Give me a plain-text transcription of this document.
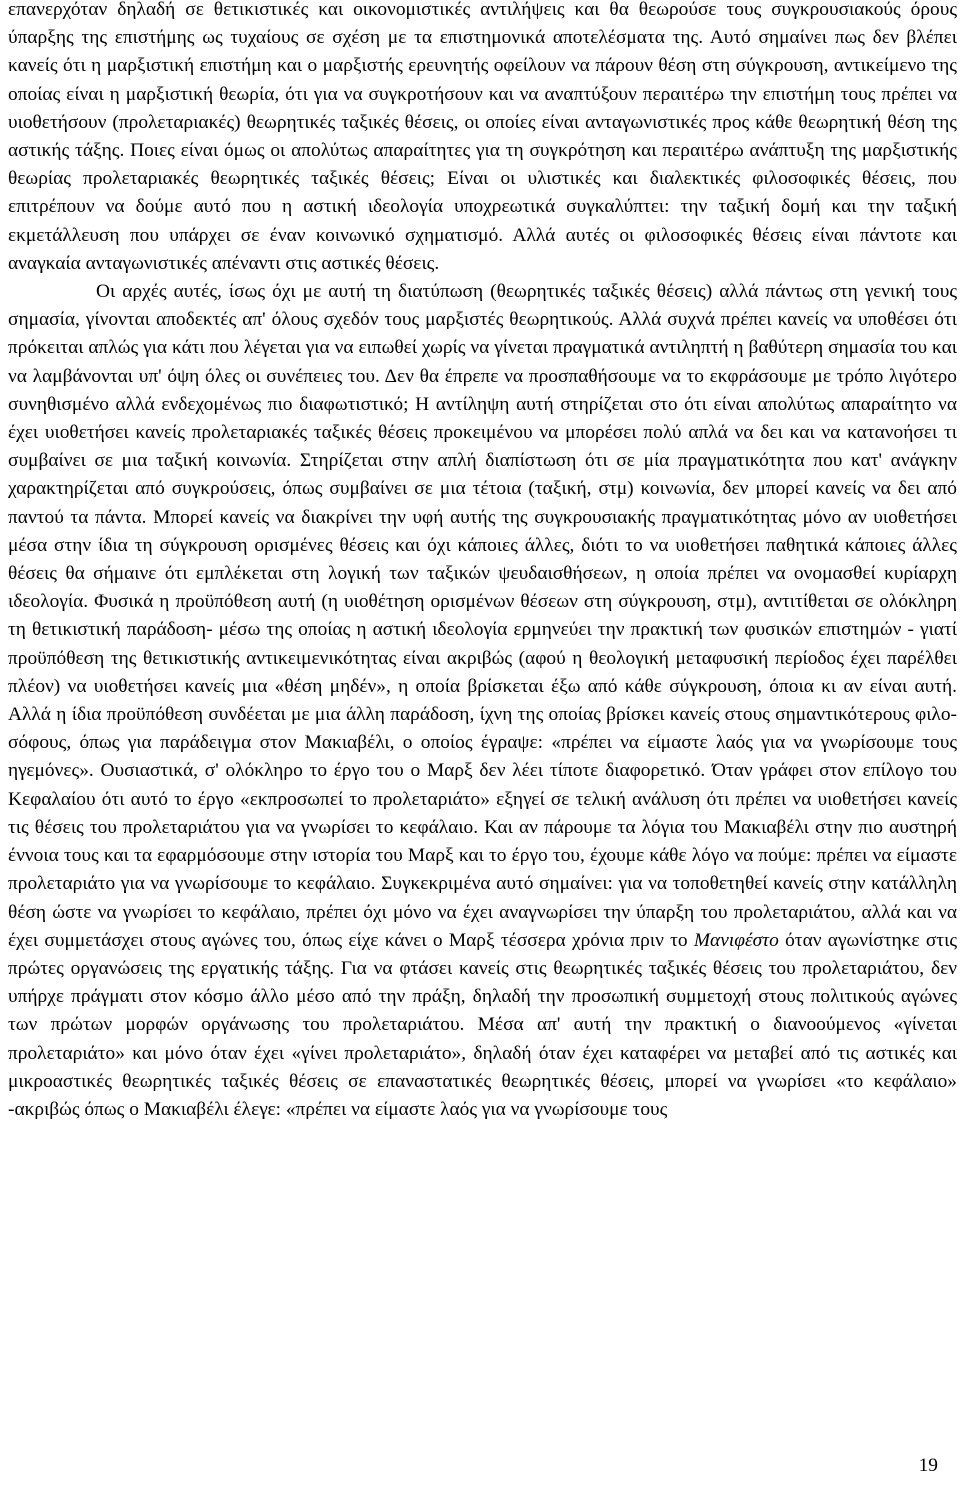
επανερχόταν δηλαδή σε θετικιστικές και οικονομιστικές αντιλήψεις και θα θεωρούσε τους συγκρουσιακούς όρους ύπαρξης της επιστήμης ως τυχαίους σε σχέση με τα επιστημονικά αποτελέσματα της. Αυτό σημαίνει πως δεν βλέπει κανείς ότι η μαρξιστική επιστήμη και ο μαρξιστής ερευνητής οφείλουν να πάρουν θέση στη σύγκρουση, αντικείμενο της οποίας είναι η μαρξιστική θεωρία, ότι για να συγκροτήσουν και να αναπτύξουν περαιτέρω την επιστήμη τους πρέπει να υιοθετήσουν (προλεταριακές) θεωρητικές ταξικές θέσεις, οι οποίες είναι ανταγωνιστικές προς κάθε θεωρητική θέση της αστικής τάξης. Ποιες είναι όμως οι απολύτως απαραίτητες για τη συγκρότηση και περαιτέρω ανάπτυξη της μαρξιστικής θεωρίας προλεταριακές θεωρητικές ταξικές θέσεις; Είναι οι υλιστικές και διαλεκτικές φιλοσοφικές θέσεις, που επιτρέπουν να δούμε αυτό που η αστική ιδεολογία υποχρεωτικά συγκαλύπτει: την ταξική δομή και την ταξική εκμετάλλευση που υπάρχει σε έναν κοινωνικό σχηματισμό. Αλλά αυτές οι φιλοσοφικές θέσεις είναι πάντοτε και αναγκαία ανταγωνιστικές απέναντι στις αστικές θέσεις.

Οι αρχές αυτές, ίσως όχι με αυτή τη διατύπωση (θεωρητικές ταξικές θέσεις) αλλά πάντως στη γενική τους σημασία, γίνονται αποδεκτές απ' όλους σχεδόν τους μαρξιστές θεωρητικούς. Αλλά συχνά πρέπει κανείς να υποθέσει ότι πρόκειται απλώς για κάτι που λέγεται για να ειπωθεί χωρίς να γίνεται πραγματικά αντιληπτή η βαθύτερη σημασία του και να λαμβάνονται υπ' όψη όλες οι συνέπειες του. Δεν θα έπρεπε να προσπαθήσουμε να το εκφράσουμε με τρόπο λιγότερο συνηθισμένο αλλά ενδεχομένως πιο διαφωτιστικό; Η αντίληψη αυτή στηρίζεται στο ότι είναι απολύτως απαραίτητο να έχει υιοθετήσει κανείς προλεταριακές ταξικές θέσεις προκειμένου να μπορέσει πολύ απλά να δει και να κατανοήσει τι συμβαίνει σε μια ταξική κοινωνία. Στηρίζεται στην απλή διαπίστωση ότι σε μία πραγματικότητα που κατ' ανάγκην χαρακτηρίζεται από συγκρούσεις, όπως συμβαίνει σε μια τέτοια (ταξική, στμ) κοινωνία, δεν μπορεί κανείς να δει από παντού τα πάντα. Μπορεί κανείς να διακρίνει την υφή αυτής της συγκρουσιακής πραγματικότητας μόνο αν υιοθετήσει μέσα στην ίδια τη σύγκρουση ορισμένες θέσεις και όχι κάποιες άλλες, διότι το να υιοθετήσει παθητικά κάποιες άλλες θέσεις θα σήμαινε ότι εμπλέκεται στη λογική των ταξικών ψευδαισθήσεων, η οποία πρέπει να ονομασθεί κυρίαρχη ιδεολογία. Φυσικά η προϋπόθεση αυτή (η υιοθέτηση ορισμένων θέσεων στη σύγκρουση, στμ), αντιτίθεται σε ολόκληρη τη θετικιστική παράδοση- μέσω της οποίας η αστική ιδεολογία ερμηνεύει την πρακτική των φυσικών επιστημών - γιατί προϋπόθεση της θετικιστικής αντικειμενικότητας είναι ακριβώς (αφού η θεολογική μεταφυσική περίοδος έχει παρέλθει πλέον) να υιοθετήσει κανείς μια «θέση μηδέν», η οποία βρίσκεται έξω από κάθε σύγκρουση, όποια κι αν είναι αυτή. Αλλά η ίδια προϋπόθεση συνδέεται με μια άλλη παράδοση, ίχνη της οποίας βρίσκει κανείς στους σημαντικότερους φιλοσόφους, όπως για παράδειγμα στον Μακιαβέλι, ο οποίος έγραψε: «πρέπει να είμαστε λαός για να γνωρίσουμε τους ηγεμόνες». Ουσιαστικά, σ' ολόκληρο το έργο του ο Μαρξ δεν λέει τίποτε διαφορετικό. Όταν γράφει στον επίλογο του Κεφαλαίου ότι αυτό το έργο «εκπροσωπεί το προλεταριάτο» εξηγεί σε τελική ανάλυση ότι πρέπει να υιοθετήσει κανείς τις θέσεις του προλεταριάτου για να γνωρίσει το κεφάλαιο. Και αν πάρουμε τα λόγια του Μακιαβέλι στην πιο αυστηρή έννοια τους και τα εφαρμόσουμε στην ιστορία του Μαρξ και το έργο του, έχουμε κάθε λόγο να πούμε: πρέπει να είμαστε προλεταριάτο για να γνωρίσουμε το κεφάλαιο. Συγκεκριμένα αυτό σημαίνει: για να τοποθετηθεί κανείς στην κατάλληλη θέση ώστε να γνωρίσει το κεφάλαιο, πρέπει όχι μόνο να έχει αναγνωρίσει την ύπαρξη του προλεταριάτου, αλλά και να έχει συμμετάσχει στους αγώνες του, όπως είχε κάνει ο Μαρξ τέσσερα χρόνια πριν το Μανιφέστο όταν αγωνίστηκε στις πρώτες οργανώσεις της εργατικής τάξης. Για να φτάσει κανείς στις θεωρητικές ταξικές θέσεις του προλεταριάτου, δεν υπήρχε πράγματι στον κόσμο άλλο μέσο από την πράξη, δηλαδή την προσωπική συμμετοχή στους πολιτικούς αγώνες των πρώτων μορφών οργάνωσης του προλεταριάτου. Μέσα απ' αυτή την πρακτική ο διανοούμενος «γίνεται προλεταριάτο» και μόνο όταν έχει «γίνει προλεταριάτο», δηλαδή όταν έχει καταφέρει να μεταβεί από τις αστικές και μικροαστικές θεωρητικές ταξικές θέσεις σε επαναστατικές θεωρητικές θέσεις, μπορεί να γνωρίσει «το κεφάλαιο» -ακριβώς όπως ο Μακιαβέλι έλεγε: «πρέπει να είμαστε λαός για να γνωρίσουμε τους

19
